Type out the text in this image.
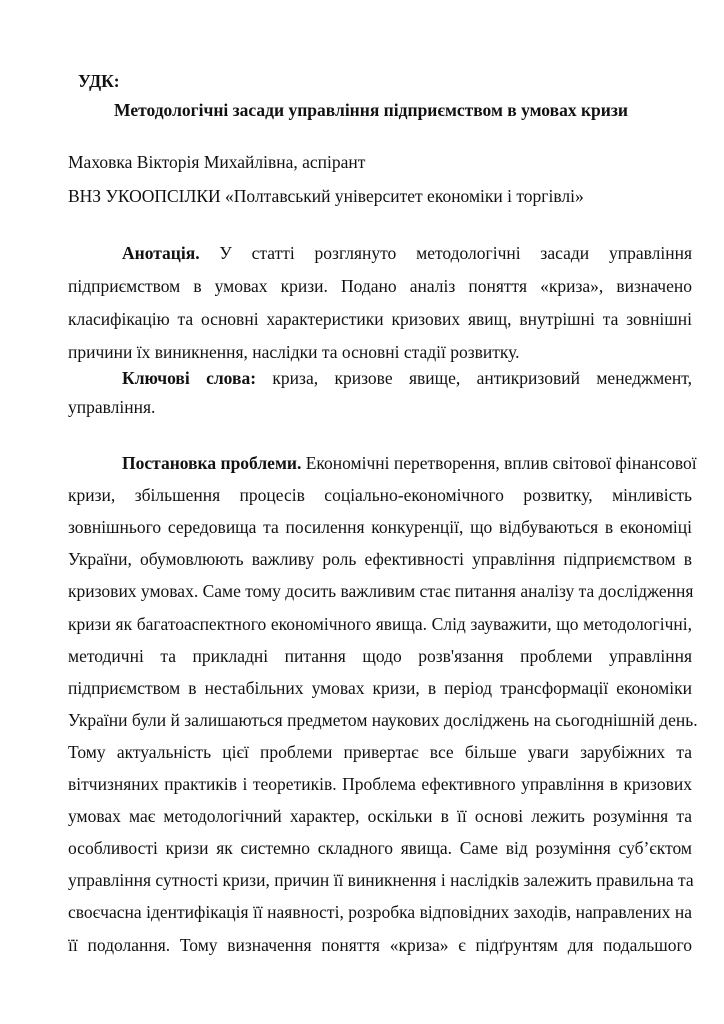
УДК:
Методологічні засади управління підприємством в умовах кризи
Маховка Вікторія Михайлівна, аспірант
ВНЗ УКООПСІЛКИ «Полтавський університет економіки і торгівлі»
Анотація. У статті розглянуто методологічні засади управління
підприємством в умовах кризи. Подано аналіз поняття «криза», визначено
класифікацію та основні характеристики кризових явищ, внутрішні та зовнішні
причини їх виникнення, наслідки та основні стадії розвитку.
Ключові слова: криза, кризове явище, антикризовий менеджмент,
управління.
Постановка проблеми. Економічні перетворення, вплив світової фінансової
кризи, збільшення процесів соціально-економічного розвитку, мінливість
зовнішнього середовища та посилення конкуренції, що відбуваються в економіці
України, обумовлюють важливу роль ефективності управління підприємством в
кризових умовах. Саме тому досить важливим стає питання аналізу та дослідження
кризи як багатоаспектного економічного явища. Слід зауважити, що методологічні,
методичні та прикладні питання щодо розв'язання проблеми управління
підприємством в нестабільних умовах кризи, в період трансформації економіки
України були й залишаються предметом наукових досліджень на сьогоднішній день.
Тому актуальність цієї проблеми привертає все більше уваги зарубіжних та
вітчизняних практиків і теоретиків. Проблема ефективного управління в кризових
умовах має методологічний характер, оскільки в її основі лежить розуміння та
особливості кризи як системно складного явища. Саме від розуміння суб’єктом
управління сутності кризи, причин її виникнення і наслідків залежить правильна та
своєчасна ідентифікація її наявності, розробка відповідних заходів, направлених на
її подолання. Тому визначення поняття «криза» є підґрунтям для подальшого
